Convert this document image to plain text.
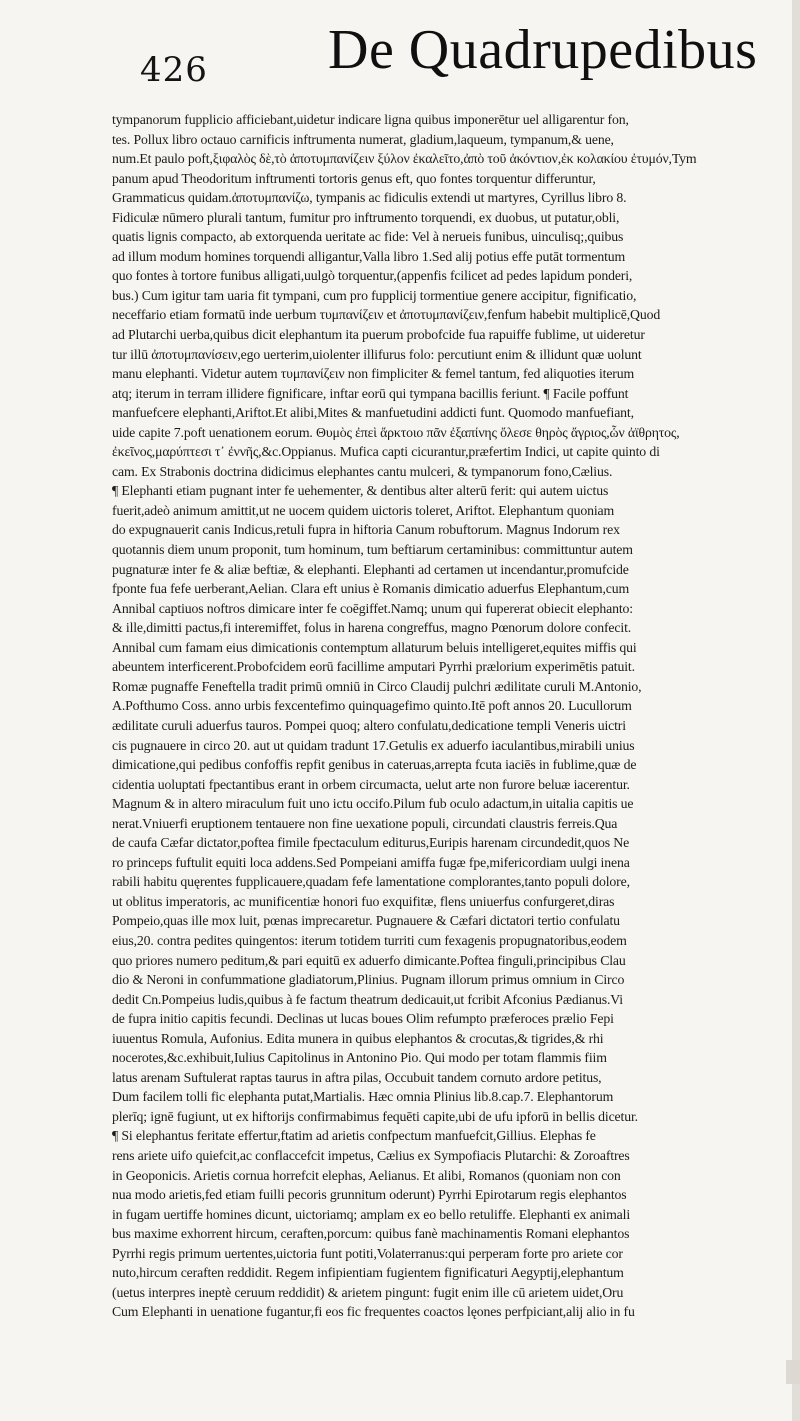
426 De Quadrupedibus
tympanorum fupplicio afficiebant,uidetur indicare ligna quibus imponerētur uel alligarentur fon,
tes. Pollux libro octauo carnificis inftrumenta numerat, gladium,laqueum, tympanum,& uene,
num.Et paulo poft,ξιφαλὸς δὲ,τὸ ἀποτυμπανίζειν ξύλον ἐκαλεῖτο,ἀπὸ τοῦ ἀκόντιον,ἐκ κολακίου ἐτυμόν,Tym
panum apud Theodoritum inftrumenti tortoris genus eft, quo fontes torquentur differuntur,
Grammaticus quidam.ἀποτυμπανίζω, tympanis ac fidiculis extendi ut martyres, Cyrillus libro 8.
Fidiculæ nūmero plurali tantum, fumitur pro inftrumento torquendi, ex duobus, ut putatur,obli,
quatis lignis compacto, ab extorquenda ueritate ac fide: Vel à nerueis funibus, uinculisq;,quibus
ad illum modum homines torquendi alligantur,Valla libro 1.Sed alij potius effe putāt tormentum
quo fontes à tortore funibus alligati,uulgò torquentur,(appenfis fcilicet ad pedes lapidum ponderi,
bus.) Cum igitur tam uaria fit tympani, cum pro fupplicij tormentiue genere accipitur, fignificatio,
neceffario etiam formatū inde uerbum τυμπανίζειν et ἀποτυμπανίζειν,fenfum habebit multiplicē,Quod
ad Plutarchi uerba,quibus dicit elephantum ita puerum probofcide fua rapuiffe fublime, ut uideretur
tur illū ἀποτυμπανίσειν,ego uerterim,uiolenter illifurus folo: percutiunt enim & illidunt quæ uolunt
manu elephanti. Videtur autem τυμπανίζειν non fimpliciter & femel tantum, fed aliquoties iterum
atq; iterum in terram illidere fignificare, inftar eorū qui tympana bacillis feriunt. ¶ Facile poffunt
manfuefcere elephanti,Ariftot.Et alibi,Mites & manfuetudini addicti funt. Quomodo manfuefiant,
uide capite 7.poft uenationem eorum. Θυμὸς ἐπεὶ ἄρκτοιο πᾶν ἐξαπίνης ὄλεσε θηρὸς ἄγριος,ὧν ἀϊθρητος,
ἐκεῖνος,μαρύπτεσι τ᾽ ἐννῆς,&c.Oppianus. Mufica capti cicurantur,præfertim Indici, ut capite quinto di
cam. Ex Strabonis doctrina didicimus elephantes cantu mulceri, & tympanorum fono,Cælius.
¶ Elephanti etiam pugnant inter fe uehementer, & dentibus alter alterū ferit: qui autem uictus
fuerit,adeò animum amittit,ut ne uocem quidem uictoris toleret, Ariftot. Elephantum quoniam
do expugnauerit canis Indicus,retuli fupra in hiftoria Canum robuftorum. Magnus Indorum rex
quotannis diem unum proponit, tum hominum, tum beftiarum certaminibus: committuntur autem
pugnaturæ inter fe & aliæ beftiæ, & elephanti. Elephanti ad certamen ut incendantur,promufcide
fponte fua fefe uerberant,Aelian. Clara eft unius è Romanis dimicatio aduerfus Elephantum,cum
Annibal captiuos noftros dimicare inter fe coēgiffet.Namq; unum qui fupererat obiecit elephanto:
& ille,dimitti pactus,fi interemiffet, folus in harena congreffus, magno Pœnorum dolore confecit.
Annibal cum famam eius dimicationis contemptum allaturum beluis intelligeret,equites miffis qui
abeuntem interficerent.Probofcidem eorū facillime amputari Pyrrhi prælorium experimētis patuit.
Romæ pugnaffe Feneftella tradit primū omniū in Circo Claudij pulchri ædilitate curuli M.Antonio,
A.Pofthumo Coss. anno urbis fexcentefimo quinquagefimo quinto.Itē poft annos 20. Lucullorum
ædilitate curuli aduerfus tauros. Pompei quoq; altero confulatu,dedicatione templi Veneris uictri
cis pugnauere in circo 20. aut ut quidam tradunt 17.Getulis ex aduerfo iaculantibus,mirabili unius
dimicatione,qui pedibus confoffis repfit genibus in cateruas,arrepta fcuta iaciēs in fublime,quæ de
cidentia uoluptati fpectantibus erant in orbem circumacta, uelut arte non furore beluæ iacerentur.
Magnum & in altero miraculum fuit uno ictu occifo.Pilum fub oculo adactum,in uitalia capitis ue
nerat.Vniuerfi eruptionem tentauere non fine uexatione populi, circundati claustris ferreis.Qua
de caufa Cæfar dictator,poftea fimile fpectaculum editurus,Euripis harenam circundedit,quos Ne
ro princeps fuftulit equiti loca addens.Sed Pompeiani amiffa fugæ fpe,mifericordiam uulgi inena
rabili habitu quęrentes fupplicauere,quadam fefe lamentatione complorantes,tanto populi dolore,
ut oblitus imperatoris, ac munificentiæ honori fuo exquifitæ, flens uniuerfus confurgeret,diras
Pompeio,quas ille mox luit, pœnas imprecaretur. Pugnauere & Cæfari dictatori tertio confulatu
eius,20. contra pedites quingentos: iterum totidem turriti cum fexagenis propugnatoribus,eodem
quo priores numero peditum,& pari equitū ex aduerfo dimicante.Poftea finguli,principibus Clau
dio & Neroni in confummatione gladiatorum,Plinius. Pugnam illorum primus omnium in Circo
dedit Cn.Pompeius ludis,quibus à fe factum theatrum dedicauit,ut fcribit Afconius Pædianus.Vi
de fupra initio capitis fecundi. Declinas ut lucas boues Olim refumpto præferoces prælio Fepi
iuuentus Romula, Aufonius. Edita munera in quibus elephantos & crocutas,& tigrides,& rhi
nocerotes,&c.exhibuit,Iulius Capitolinus in Antonino Pio. Qui modo per totam flammis fiim
latus arenam Suftulerat raptas taurus in aftra pilas, Occubuit tandem cornuto ardore petitus,
Dum facilem tolli fic elephanta putat,Martialis. Hæc omnia Plinius lib.8.cap.7. Elephantorum
plerīq; ignē fugiunt, ut ex hiftorijs confirmabimus fequēti capite,ubi de ufu ipforū in bellis dicetur.
¶ Si elephantus feritate effertur,ftatim ad arietis confpectum manfuefcit,Gillius. Elephas fe
rens ariete uifo quiefcit,ac conflaccefcit impetus, Cælius ex Sympofiacis Plutarchi: & Zoroaftres
in Geoponicis. Arietis cornua horrefcit elephas, Aelianus. Et alibi, Romanos (quoniam non con
nua modo arietis,fed etiam fuilli pecoris grunnitum oderunt) Pyrrhi Epirotarum regis elephantos
in fugam uertiffe homines dicunt, uictoriamq; amplam ex eo bello retuliffe. Elephanti ex animali
bus maxime exhorrent hircum, ceraften,porcum: quibus fanè machinamentis Romani elephantos
Pyrrhi regis primum uertentes,uictoria funt potiti,Volaterranus:qui perperam forte pro ariete cor
nuto,hircum ceraften reddidit. Regem infipientiam fugientem fignificaturi Aegyptij,elephantum
(uetus interpres ineptè ceruum reddidit) & arietem pingunt: fugit enim ille cū arietem uidet,Oru
Cum Elephanti in uenatione fugantur,fi eos fic frequentes coactos lęones perfpiciant,alij alio in fu
